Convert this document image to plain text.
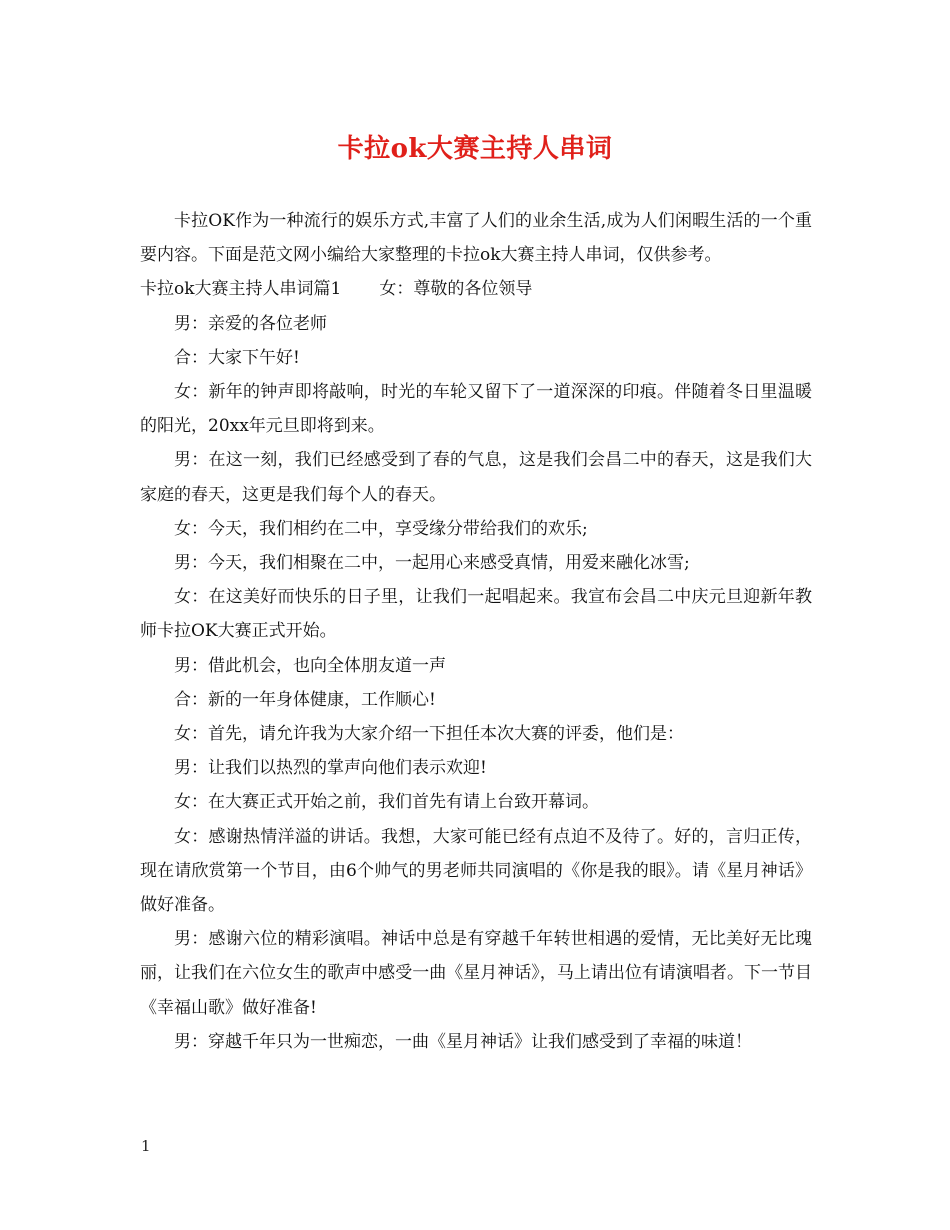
卡拉ok大赛主持人串词

卡拉OK作为一种流行的娱乐方式,丰富了人们的业余生活,成为人们闲暇生活的一个重要内容。下面是范文网小编给大家整理的卡拉ok大赛主持人串词，仅供参考。

卡拉ok大赛主持人串词篇1 女：尊敬的各位领导

男：亲爱的各位老师

合：大家下午好!

女：新年的钟声即将敲响，时光的车轮又留下了一道深深的印痕。伴随着冬日里温暖的阳光，20xx年元旦即将到来。

男：在这一刻，我们已经感受到了春的气息，这是我们会昌二中的春天，这是我们大家庭的春天，这更是我们每个人的春天。

女：今天，我们相约在二中，享受缘分带给我们的欢乐;

男：今天，我们相聚在二中，一起用心来感受真情，用爱来融化冰雪;

女：在这美好而快乐的日子里，让我们一起唱起来。我宣布会昌二中庆元旦迎新年教师卡拉OK大赛正式开始。

男：借此机会，也向全体朋友道一声

合：新的一年身体健康，工作顺心!

女：首先，请允许我为大家介绍一下担任本次大赛的评委，他们是：

男：让我们以热烈的掌声向他们表示欢迎!

女：在大赛正式开始之前，我们首先有请上台致开幕词。

女：感谢热情洋溢的讲话。我想，大家可能已经有点迫不及待了。好的，言归正传，现在请欣赏第一个节目，由6个帅气的男老师共同演唱的《你是我的眼》。请《星月神话》做好准备。

男：感谢六位的精彩演唱。神话中总是有穿越千年转世相遇的爱情，无比美好无比瑰丽，让我们在六位女生的歌声中感受一曲《星月神话》，马上请出位有请演唱者。下一节目《幸福山歌》做好准备!

男：穿越千年只为一世痴恋，一曲《星月神话》让我们感受到了幸福的味道！

1
